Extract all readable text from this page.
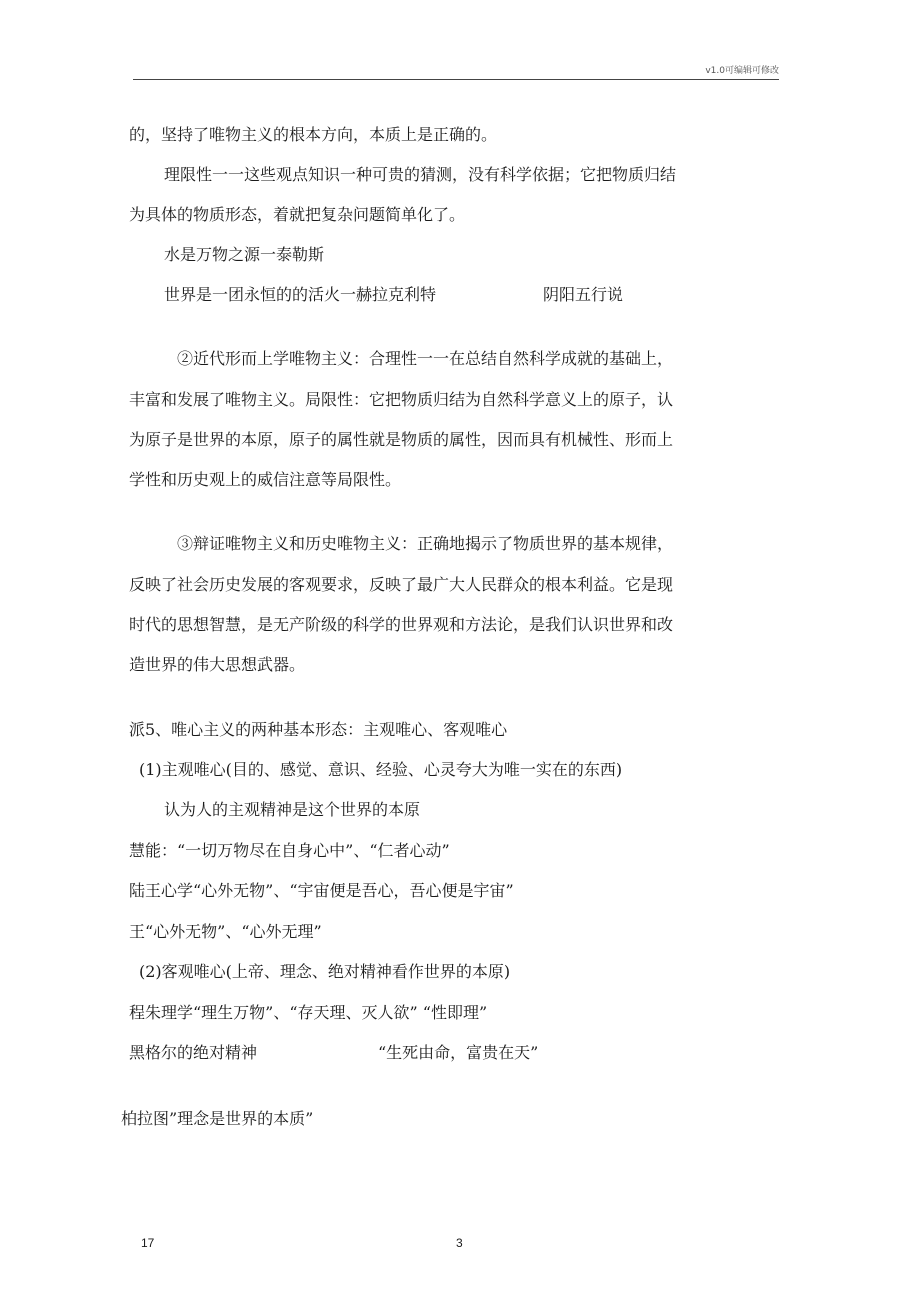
v1.0可编辑可修改
的，坚持了唯物主义的根本方向，本质上是正确的。
理限性一一这些观点知识一种可贵的猜测，没有科学依据；它把物质归结
为具体的物质形态，着就把复杂问题简单化了。
水是万物之源一泰勒斯
世界是一团永恒的的活火一赫拉克利特	阴阳五行说
②近代形而上学唯物主义：合理性一一在总结自然科学成就的基础上，
丰富和发展了唯物主义。局限性：它把物质归结为自然科学意义上的原子，认
为原子是世界的本原，原子的属性就是物质的属性，因而具有机械性、形而上
学性和历史观上的威信注意等局限性。
③辩证唯物主义和历史唯物主义：正确地揭示了物质世界的基本规律，
反映了社会历史发展的客观要求，反映了最广大人民群众的根本利益。它是现
时代的思想智慧，是无产阶级的科学的世界观和方法论，是我们认识世界和改
造世界的伟大思想武器。
派5、唯心主义的两种基本形态：主观唯心、客观唯心
(1)主观唯心(目的、感觉、意识、经验、心灵夸大为唯一实在的东西)
认为人的主观精神是这个世界的本原
慧能：“一切万物尽在自身心中”、“仁者心动”
陆王心学“心外无物”、“宇宙便是吾心，吾心便是宇宙”
王“心外无物”、“心外无理”
(2)客观唯心(上帝、理念、绝对精神看作世界的本原)
程朱理学“理生万物”、“存天理、灭人欲” “性即理”
黑格尔的绝对精神	“生死由命，富贵在天”
柏拉图”理念是世界的本质”
17	3
